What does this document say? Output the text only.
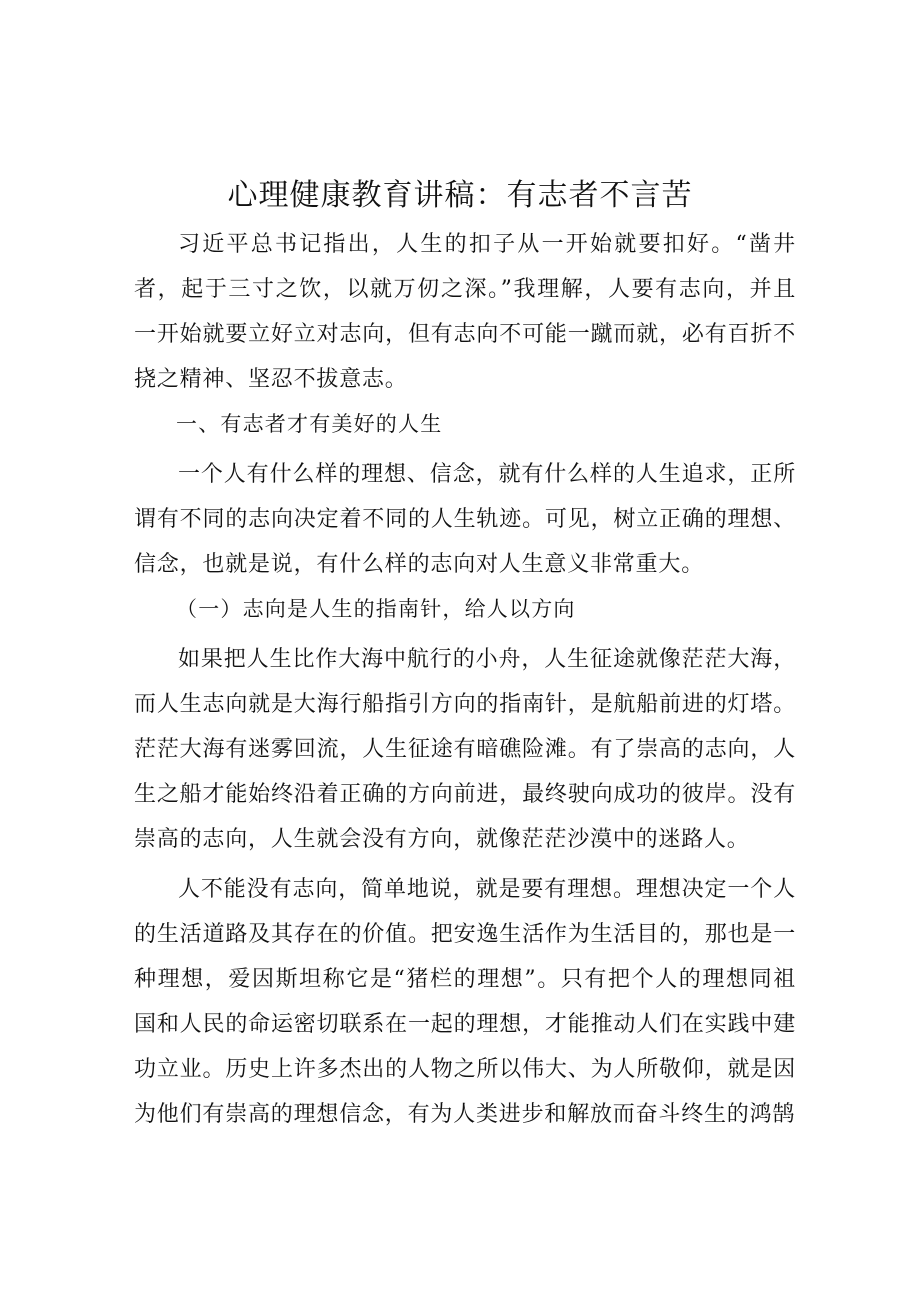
心理健康教育讲稿：有志者不言苦

习近平总书记指出，人生的扣子从一开始就要扣好。“凿井者，起于三寸之饮，以就万仞之深。”我理解，人要有志向，并且一开始就要立好立对志向，但有志向不可能一蹴而就，必有百折不挠之精神、坚忍不拔意志。

一、有志者才有美好的人生

一个人有什么样的理想、信念，就有什么样的人生追求，正所谓有不同的志向决定着不同的人生轨迹。可见，树立正确的理想、信念，也就是说，有什么样的志向对人生意义非常重大。

（一）志向是人生的指南针，给人以方向

如果把人生比作大海中航行的小舟，人生征途就像茫茫大海，而人生志向就是大海行船指引方向的指南针，是航船前进的灯塔。茫茫大海有迷雾回流，人生征途有暗礁险滩。有了崇高的志向，人生之船才能始终沿着正确的方向前进，最终驶向成功的彼岸。没有崇高的志向，人生就会没有方向，就像茫茫沙漠中的迷路人。

人不能没有志向，简单地说，就是要有理想。理想决定一个人的生活道路及其存在的价值。把安逸生活作为生活目的，那也是一种理想，爱因斯坦称它是“猪栏的理想”。只有把个人的理想同祖国和人民的命运密切联系在一起的理想，才能推动人们在实践中建功立业。历史上许多杰出的人物之所以伟大、为人所敬仰，就是因为他们有崇高的理想信念，有为人类进步和解放而奋斗终生的鸿鹄
